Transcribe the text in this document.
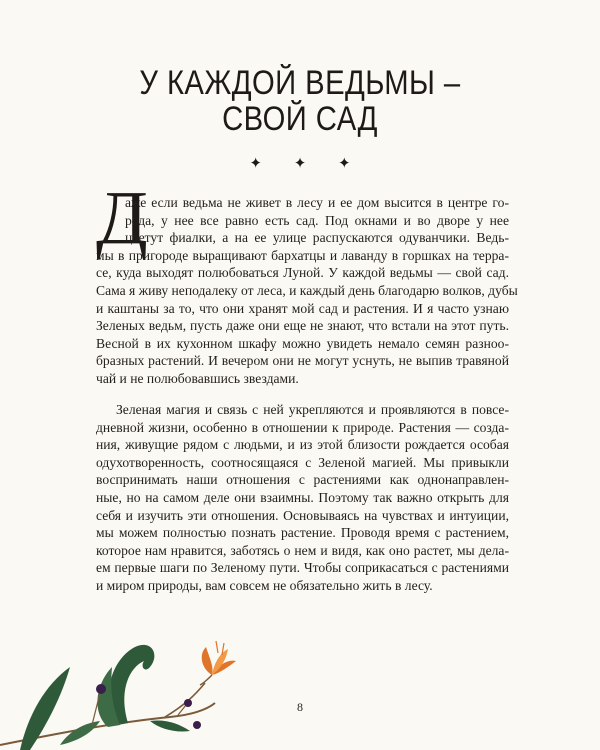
У КАЖДОЙ ВЕДЬМЫ –
СВОЙ САД
✦ ✦ ✦
Д
аже если ведьма не живет в лесу и ее дом высится в центре го-
рода, у нее все равно есть сад. Под окнами и во дворе у нее
цветут фиалки, а на ее улице распускаются одуванчики. Ведь-
мы в пригороде выращивают бархатцы и лаванду в горшках на терра-
се, куда выходят полюбоваться Луной. У каждой ведьмы — свой сад.
Сама я живу неподалеку от леса, и каждый день благодарю волков, дубы
и каштаны за то, что они хранят мой сад и растения. И я часто узнаю
Зеленых ведьм, пусть даже они еще не знают, что встали на этот путь.
Весной в их кухонном шкафу можно увидеть немало семян разноо-
бразных растений. И вечером они не могут уснуть, не выпив травяной
чай и не полюбовавшись звездами.
Зеленая магия и связь с ней укрепляются и проявляются в повсе-
дневной жизни, особенно в отношении к природе. Растения — созда-
ния, живущие рядом с людьми, и из этой близости рождается особая
одухотворенность, соотносящаяся с Зеленой магией. Мы привыкли
воспринимать наши отношения с растениями как однонаправлен-
ные, но на самом деле они взаимны. Поэтому так важно открыть для
себя и изучить эти отношения. Основываясь на чувствах и интуиции,
мы можем полностью познать растение. Проводя время с растением,
которое нам нравится, заботясь о нем и видя, как оно растет, мы дела-
ем первые шаги по Зеленому пути. Чтобы соприкасаться с растениями
и миром природы, вам совсем не обязательно жить в лесу.
8
